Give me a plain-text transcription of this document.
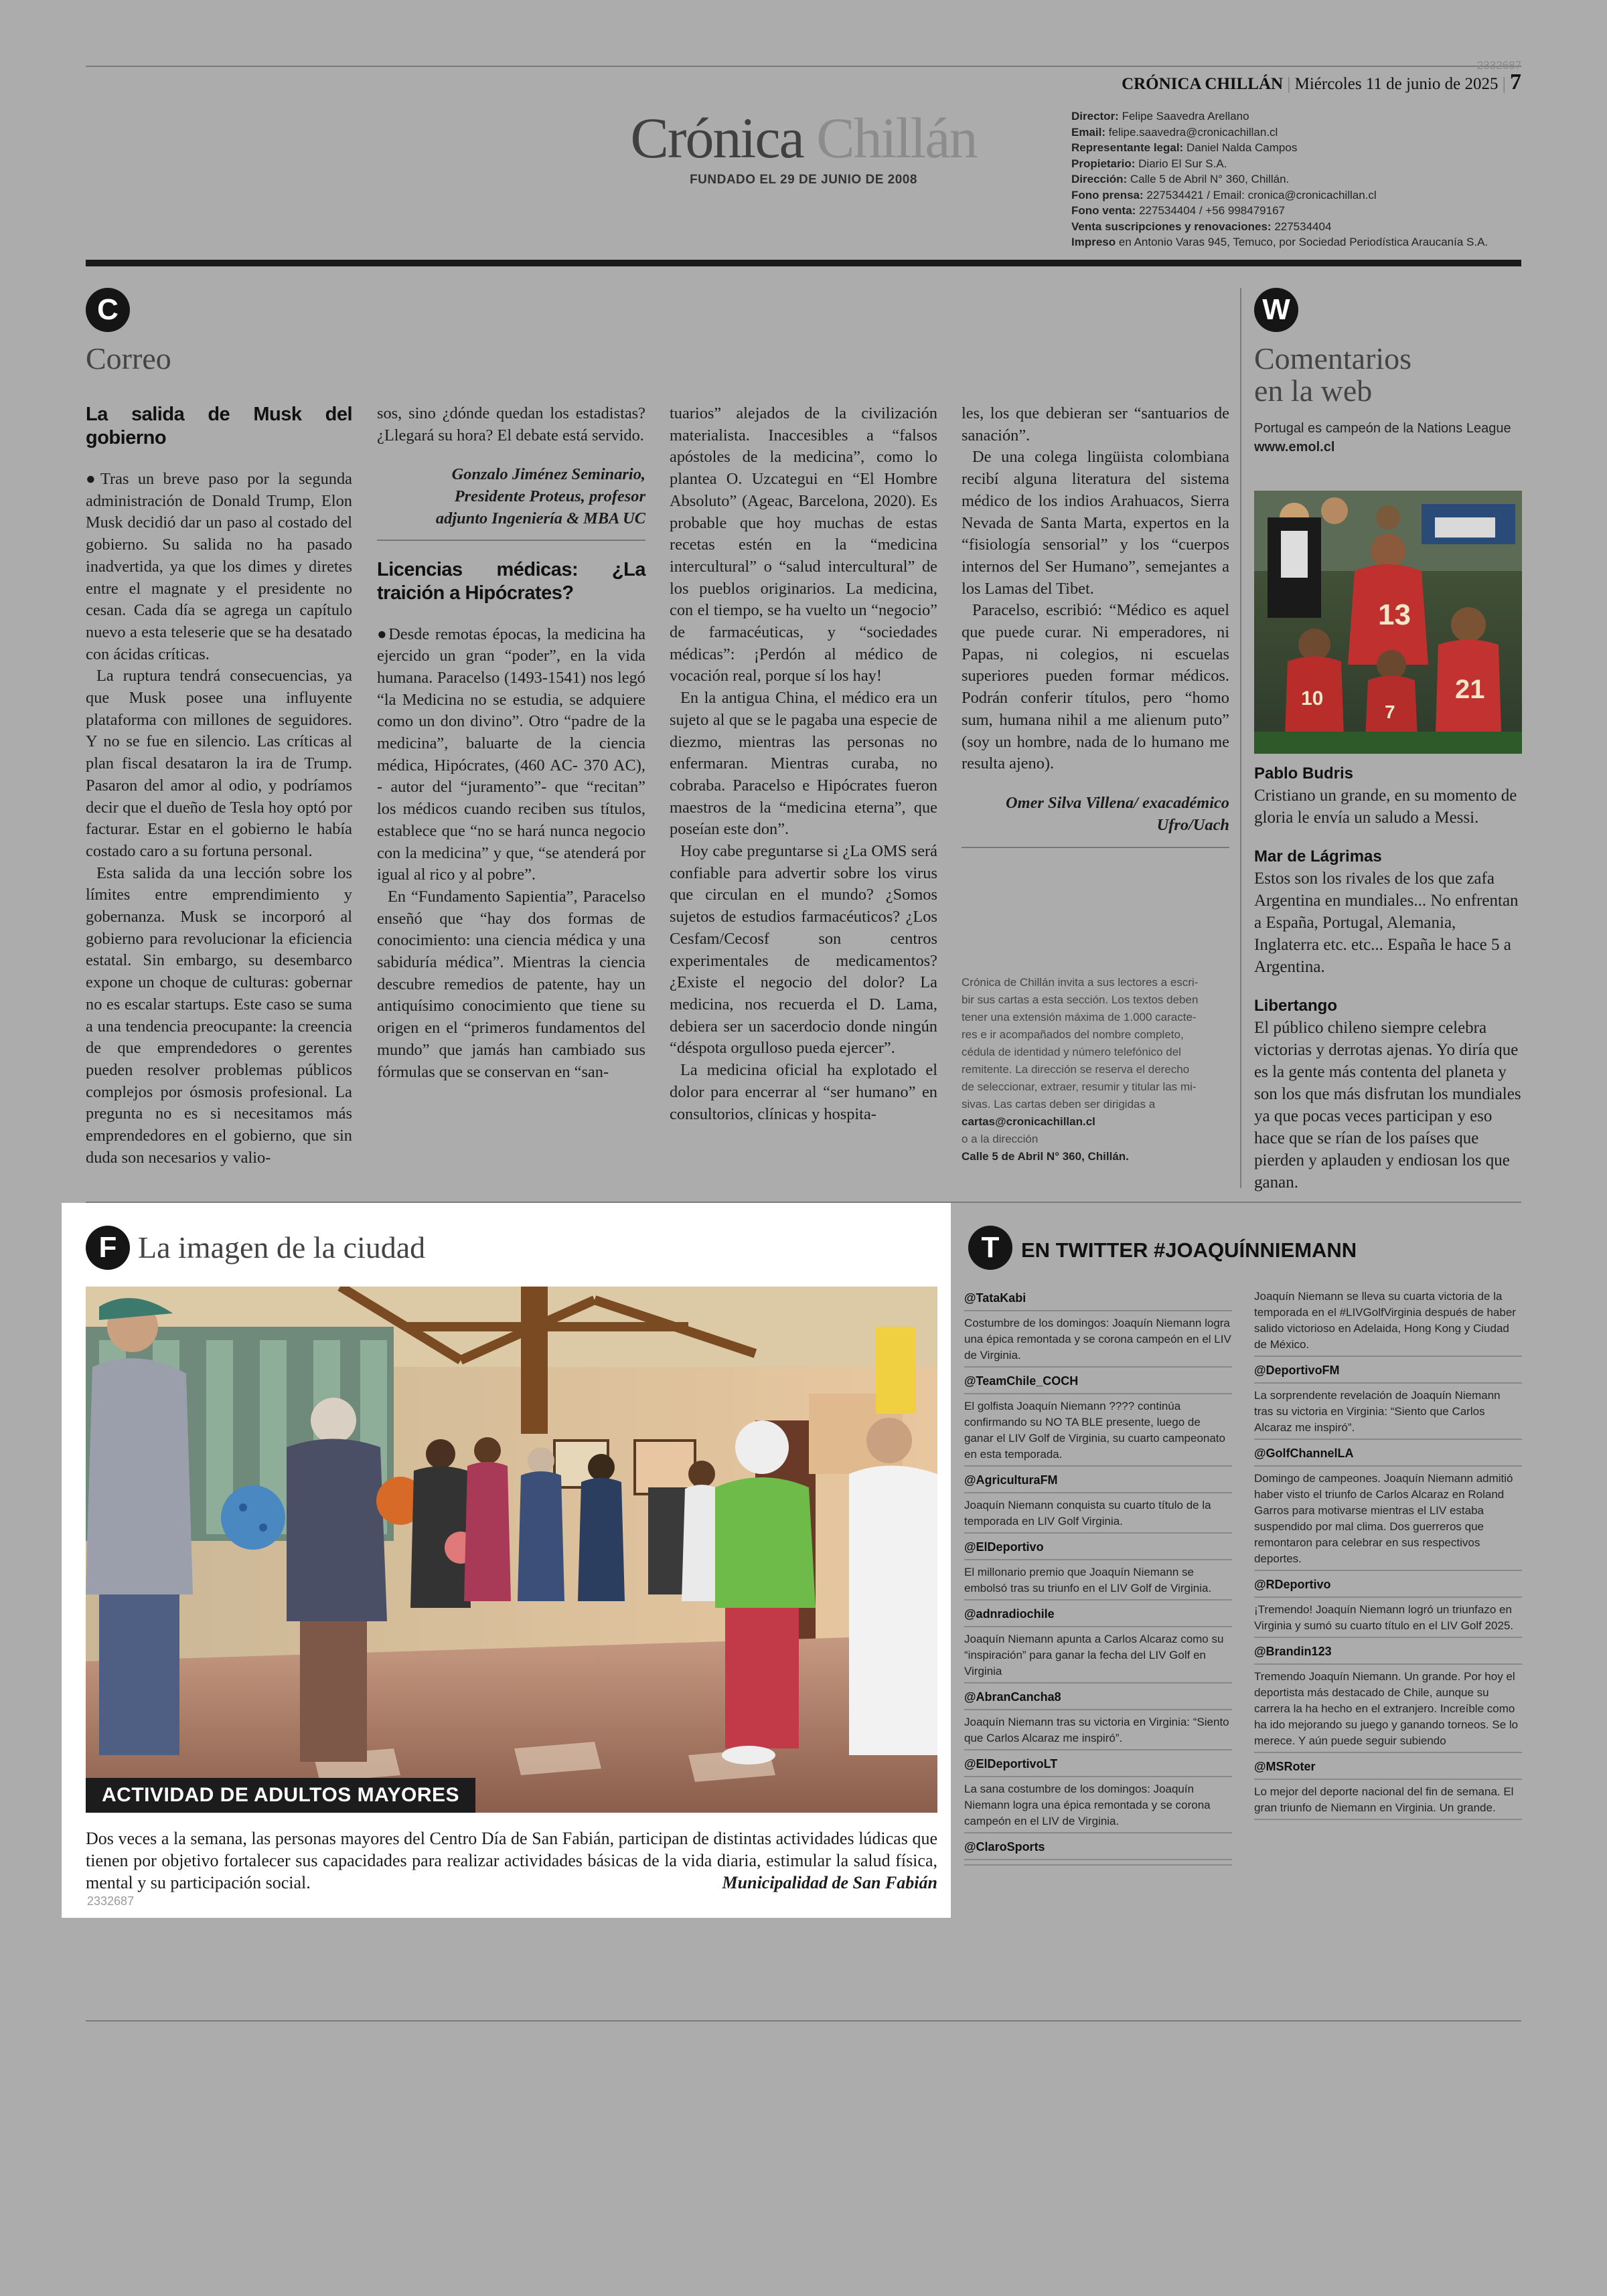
2332687
CRÓNICA CHILLÁN | Miércoles 11 de junio de 2025 | 7
Crónica Chillán
FUNDADO EL 29 DE JUNIO DE 2008
Director: Felipe Saavedra Arellano
Email: felipe.saavedra@cronicachillan.cl
Representante legal: Daniel Naldа Campos
Propietario: Diario El Sur S.A.
Dirección: Calle 5 de Abril N° 360, Chillán.
Fono prensa: 227534421 / Email: cronica@cronicachillan.cl
Fono venta: 227534404 / +56 998479167
Venta suscripciones y renovaciones: 227534404
Impreso en Antonio Varas 945, Temuco, por Sociedad Periodística Araucanía S.A.
C
Correo
La salida de Musk del gobierno

●Tras un breve paso por la segunda administración de Donald Trump, Elon Musk decidió dar un paso al costado del gobierno. Su salida no ha pasado inadvertida, ya que los dimes y diretes entre el magnate y el presidente no cesan. Cada día se agrega un capítulo nuevo a esta teleserie que se ha desatado con ácidas críticas.

La ruptura tendrá consecuencias, ya que Musk posee una influyente plataforma con millones de seguidores. Y no se fue en silencio. Las críticas al plan fiscal desataron la ira de Trump. Pasaron del amor al odio, y podríamos decir que el dueño de Tesla hoy optó por facturar. Estar en el gobierno le había costado caro a su fortuna personal.

Esta salida da una lección sobre los límites entre emprendimiento y gobernanza. Musk se incorporó al gobierno para revolucionar la eficiencia estatal. Sin embargo, su desembarco expone un choque de culturas: gobernar no es escalar startups. Este caso se suma a una tendencia preocupante: la creencia de que emprendedores o gerentes pueden resolver problemas públicos complejos por ósmosis profesional. La pregunta no es si necesitamos más emprendedores en el gobierno, que sin duda son necesarios y valio-

sos, sino ¿dónde quedan los estadistas? ¿Llegará su hora? El debate está servido.

Gonzalo Jiménez Seminario,

Presidente Proteus, profesor

adjunto Ingeniería & MBA UC

Licencias médicas: ¿La traición a Hipócrates?

●Desde remotas épocas, la medicina ha ejercido un gran “poder”, en la vida humana. Paracelso (1493-1541) nos legó “la Medicina no se estudia, se adquiere como un don divino”. Otro “padre de la medicina”, baluarte de la ciencia médica, Hipócrates, (460 AC- 370 AC), - autor del “juramento”- que “recitan” los médicos cuando reciben sus títulos, establece que “no se hará nunca negocio con la medicina” y que, “se atenderá por igual al rico y al pobre”.

En “Fundamento Sapientia”, Paracelso enseñó que “hay dos formas de conocimiento: una ciencia médica y una sabiduría médica”. Mientras la ciencia descubre remedios de patente, hay un antiquísimo conocimiento que tiene su origen en el “primeros fundamentos del mundo” que jamás han cambiado sus fórmulas que se conservan en “san-

tuarios” alejados de la civilización materialista. Inaccesibles a “falsos apóstoles de la medicina”, como lo plantea O. Uzcategui en “El Hombre Absoluto” (Ageac, Barcelona, 2020). Es probable que hoy muchas de estas recetas estén en la “medicina intercultural” o “salud intercultural” de los pueblos originarios. La medicina, con el tiempo, se ha vuelto un “negocio” de farmacéuticas, y “sociedades médicas”: ¡Perdón al médico de vocación real, porque sí los hay!

En la antigua China, el médico era un sujeto al que se le pagaba una especie de diezmo, mientras las personas no enfermaran. Mientras curaba, no cobraba. Paracelso e Hipócrates fueron maestros de la “medicina eterna”, que poseían este don”.

Hoy cabe preguntarse si ¿La OMS será confiable para advertir sobre los virus que circulan en el mundo? ¿Somos sujetos de estudios farmacéuticos? ¿Los Cesfam/Cecosf son centros experimentales de medicamentos? ¿Existe el negocio del dolor? La medicina, nos recuerda el D. Lama, debiera ser un sacerdocio donde ningún “déspota orgulloso pueda ejercer”.

La medicina oficial ha explotado el dolor para encerrar al “ser humano” en consultorios, clínicas y hospita-

les, los que debieran ser “santuarios de sanación”.

De una colega lingüista colombiana recibí alguna literatura del sistema médico de los indios Arahuacos, Sierra Nevada de Santa Marta, expertos en la “fisiología sensorial” y los “cuerpos internos del Ser Humano”, semejantes a los Lamas del Tibet.

Paracelso, escribió: “Médico es aquel que puede curar. Ni emperadores, ni Papas, ni colegios, ni escuelas superiores pueden formar médicos. Podrán conferir títulos, pero “homo sum, humana nihil a me alienum puto” (soy un hombre, nada de lo humano me resulta ajeno).

Omer Silva Villena/ exacadémico

Ufro/Uach

Crónica de Chillán invita a sus lectores a escri-
bir sus cartas a esta sección. Los textos deben
tener una extensión máxima de 1.000 caracte-
res e ir acompañados del nombre completo,
cédula de identidad y número telefónico del
remitente. La dirección se reserva el derecho
de seleccionar, extraer, resumir y titular las mi-
sivas. Las cartas deben ser dirigidas a
cartas@cronicachillan.cl
o a la dirección
Calle 5 de Abril N° 360, Chillán.
W
Comentarios
en la web
Portugal es campeón de la Nations League
www.emol.cl
13
10	21
7
Pablo Budris
Cristiano un grande, en su momento de gloria le envía un saludo a Messi.
Mar de Lágrimas
Estos son los rivales de los que zafa Argentina en mundiales... No enfrentan a España, Portugal, Alemania, Inglaterra etc. etc... España le hace 5 a Argentina.
Libertango
El público chileno siempre celebra victorias y derrotas ajenas. Yo diría que es la gente más contenta del planeta y son los que más disfrutan los mundiales ya que pocas veces participan y eso hace que se rían de los países que pierden y aplauden y endiosan los que ganan.
F La imagen de la ciudad
ACTIVIDAD DE ADULTOS MAYORES
Dos veces a la semana, las personas mayores del Centro Día de San Fabián, participan de distintas actividades lúdicas que tienen por objetivo fortalecer sus capacidades para realizar actividades básicas de la vida diaria, estimular la salud física, mental y su participación social.	Municipalidad de San Fabián
2332687
T	EN TWITTER #JOAQUÍNNIEMANN
@TataKabi
Costumbre de los domingos: Joaquín Niemann logra una épica remontada y se corona campeón en el LIV de Virginia.
@TeamChile_COCH
El golfista Joaquín Niemann ???? continúa confirmando su NO TA BLE presente, luego de ganar el LIV Golf de Virginia, su cuarto campeonato en esta temporada.
@AgriculturaFM
Joaquín Niemann conquista su cuarto título de la temporada en LIV Golf Virginia.
@ElDeportivo
El millonario premio que Joaquín Niemann se embolsó tras su triunfo en el LIV Golf de Virginia.
@adnradiochile
Joaquín Niemann apunta a Carlos Alcaraz como su “inspiración” para ganar la fecha del LIV Golf en Virginia
@AbranCancha8
Joaquín Niemann tras su victoria en Virginia: “Siento que Carlos Alcaraz me inspiró”.
@ElDeportivoLT
La sana costumbre de los domingos: Joaquín Niemann logra una épica remontada y se corona campeón en el LIV de Virginia.
@ClaroSports
Joaquín Niemann se lleva su cuarta victoria de la temporada en el #LIVGolfVirginia después de haber salido victorioso en Adelaida, Hong Kong y Ciudad de México.
@DeportivoFM
La sorprendente revelación de Joaquín Niemann tras su victoria en Virginia: “Siento que Carlos Alcaraz me inspiró”.
@GolfChannelLA
Domingo de campeones. Joaquín Niemann admitió haber visto el triunfo de Carlos Alcaraz en Roland Garros para motivarse mientras el LIV estaba suspendido por mal clima. Dos guerreros que remontaron para celebrar en sus respectivos deportes.
@RDeportivo
¡Tremendo! Joaquín Niemann logró un triunfazo en Virginia y sumó su cuarto título en el LIV Golf 2025.
@Brandin123
Tremendo Joaquín Niemann. Un grande. Por hoy el deportista más destacado de Chile, aunque su carrera la ha hecho en el extranjero. Increíble como ha ido mejorando su juego y ganando torneos. Se lo merece. Y aún puede seguir subiendo
@MSRoter
Lo mejor del deporte nacional del fin de semana. El gran triunfo de Niemann en Virginia. Un grande.
